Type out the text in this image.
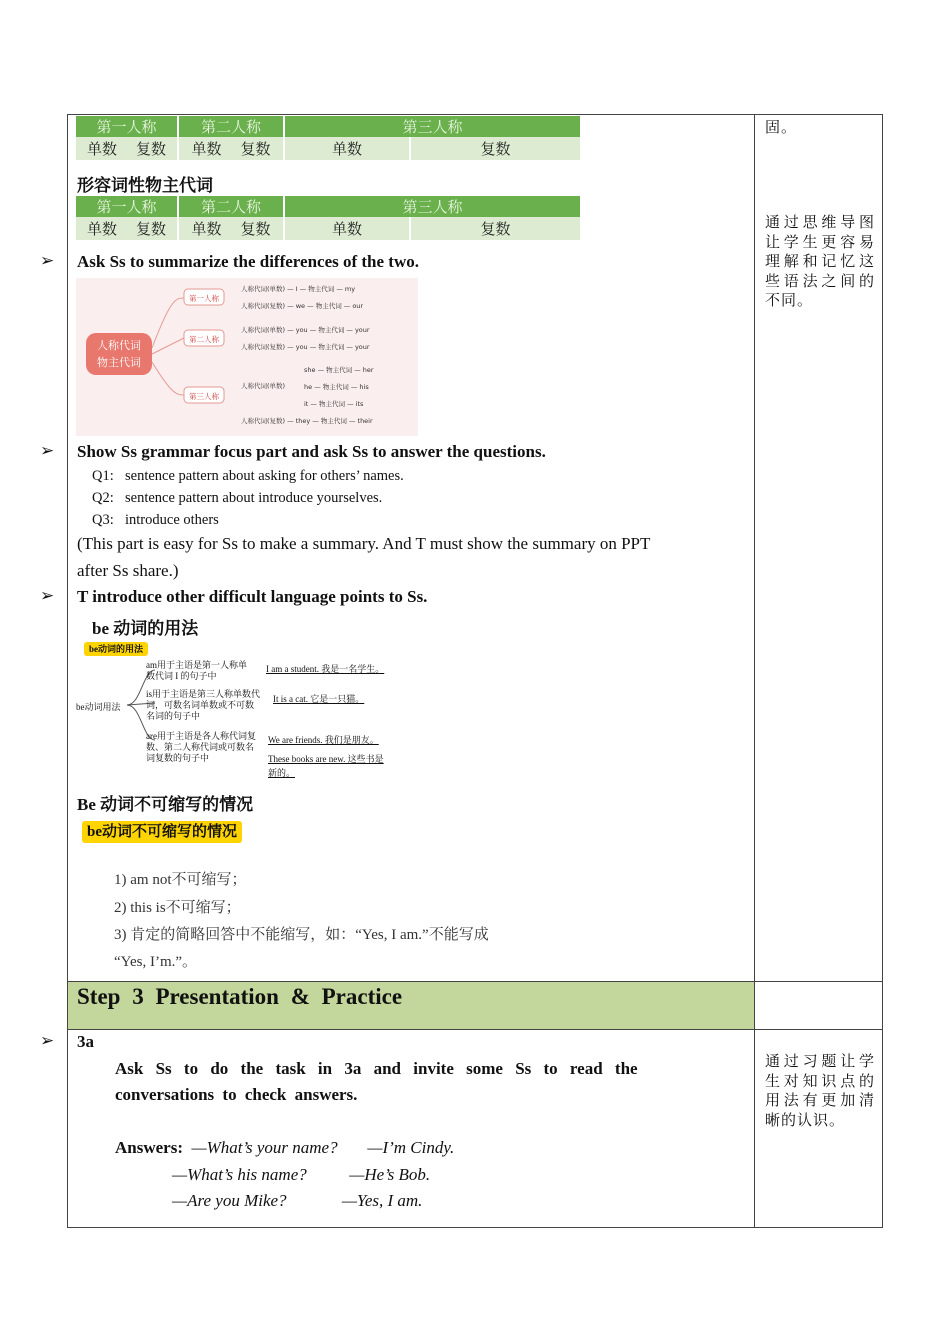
固。
通过思维导图让学生更容易理解和记忆这些语法之间的不同。
通过习题让学生对知识点的用法有更加清晰的认识。
第一人称	第二人称	第三人称	
单数 复数	单数 复数	单数	复数
形容词性物主代词
第一人称	第二人称	第三人称	
单数 复数	单数 复数	单数	复数
➢ Ask Ss to summarize the differences of the two.
人称代词
物主代词
第一人称
第二人称
第三人称
人称代词(单数) — I — 物主代词 — my
人称代词(复数) — we — 物主代词 — our
人称代词(单数) — you — 物主代词 — your
人称代词(复数) — you — 物主代词 — your
人称代词(单数)
she — 物主代词 — her
he — 物主代词 — his
it — 物主代词 — its
人称代词(复数) — they — 物主代词 — their
➢ Show Ss grammar focus part and ask Ss to answer the questions.
Q1: sentence pattern about asking for others’ names.
Q2: sentence pattern about introduce yourselves.
Q3: introduce others
(This part is easy for Ss to make a summary. And T must show the summary on PPT
after Ss share.)
➢ T introduce other difficult language points to Ss.
be 动词的用法
be动词的用法
be动词用法
am用于主语是第一人称单
数代词 I 的句子中
I am a student. 我是一名学生。
is用于主语是第三人称单数代
词，可数名词单数或不可数
名词的句子中
It is a cat. 它是一只猫。
are用于主语是各人称代词复
数、第二人称代词或可数名
词复数的句子中
We are friends. 我们是朋友。
These books are new. 这些书是
新的。
Be 动词不可缩写的情况
be动词不可缩写的情况
1) am not不可缩写；
2) this is不可缩写；
3) 肯定的简略回答中不能缩写，如：“Yes, I am.”不能写成
“Yes, I’m.”。
Step 3 Presentation & Practice
➢ 3a
Ask Ss to do the task in 3a and invite some Ss to read the
conversations to check answers.
Answers: —What’s your name? —I’m Cindy.
—What’s his name?	—He’s Bob.
—Are you Mike?	—Yes, I am.
